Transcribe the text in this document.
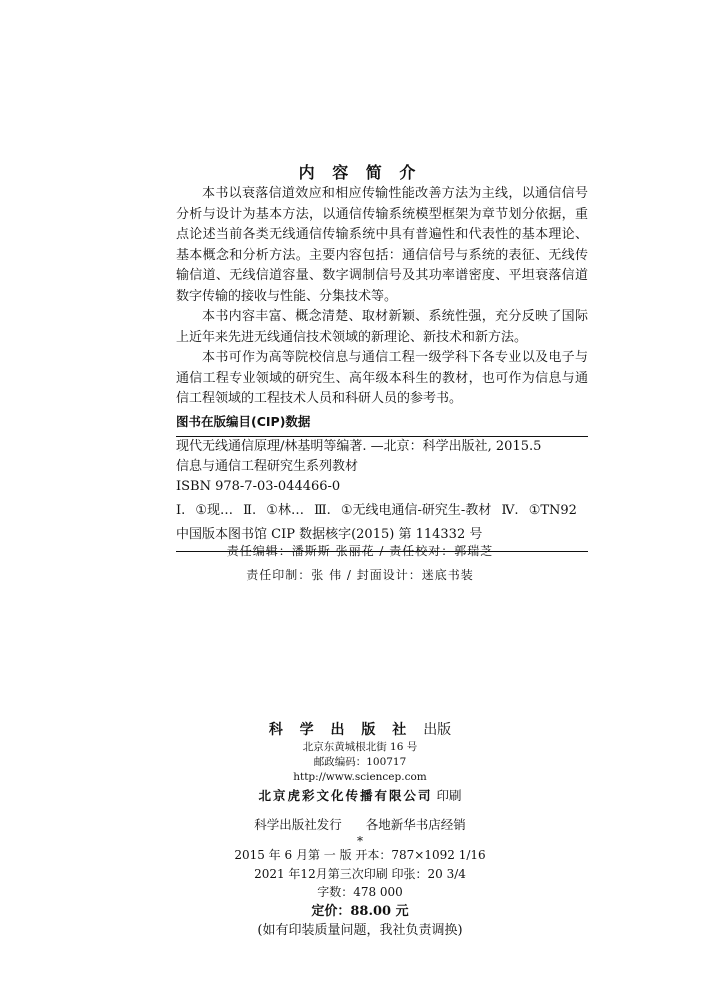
内 容 简 介

本书以衰落信道效应和相应传输性能改善方法为主线，以通信信号分析与设计为基本方法，以通信传输系统模型框架为章节划分依据，重点论述当前各类无线通信传输系统中具有普遍性和代表性的基本理论、基本概念和分析方法。主要内容包括：通信信号与系统的表征、无线传输信道、无线信道容量、数字调制信号及其功率谱密度、平坦衰落信道数字传输的接收与性能、分集技术等。

本书内容丰富、概念清楚、取材新颖、系统性强，充分反映了国际上近年来先进无线通信技术领域的新理论、新技术和新方法。

本书可作为高等院校信息与通信工程一级学科下各专业以及电子与通信工程专业领域的研究生、高年级本科生的教材，也可作为信息与通信工程领域的工程技术人员和科研人员的参考书。

图书在版编目(CIP)数据

现代无线通信原理/林基明等编著. —北京：科学出版社, 2015.5

信息与通信工程研究生系列教材

ISBN 978-7-03-044466-0

Ⅰ. ①现… Ⅱ. ①林… Ⅲ. ①无线电通信-研究生-教材 Ⅳ. ①TN92

中国版本图书馆 CIP 数据核字(2015) 第 114332 号

责任编辑：潘斯斯 张丽花 / 责任校对：郭瑞芝
责任印制：张 伟 / 封面设计：迷底书装

科 学 出 版 社 出版

北京东黄城根北街 16 号

邮政编码：100717

http://www.sciencep.com

北京虎彩文化传播有限公司 印刷

科学出版社发行 各地新华书店经销

*

2015 年 6 月第 一 版 开本：787×1092 1/16

2021 年12月第三次印刷 印张：20 3/4

字数：478 000

定价：88.00 元

(如有印装质量问题，我社负责调换)
